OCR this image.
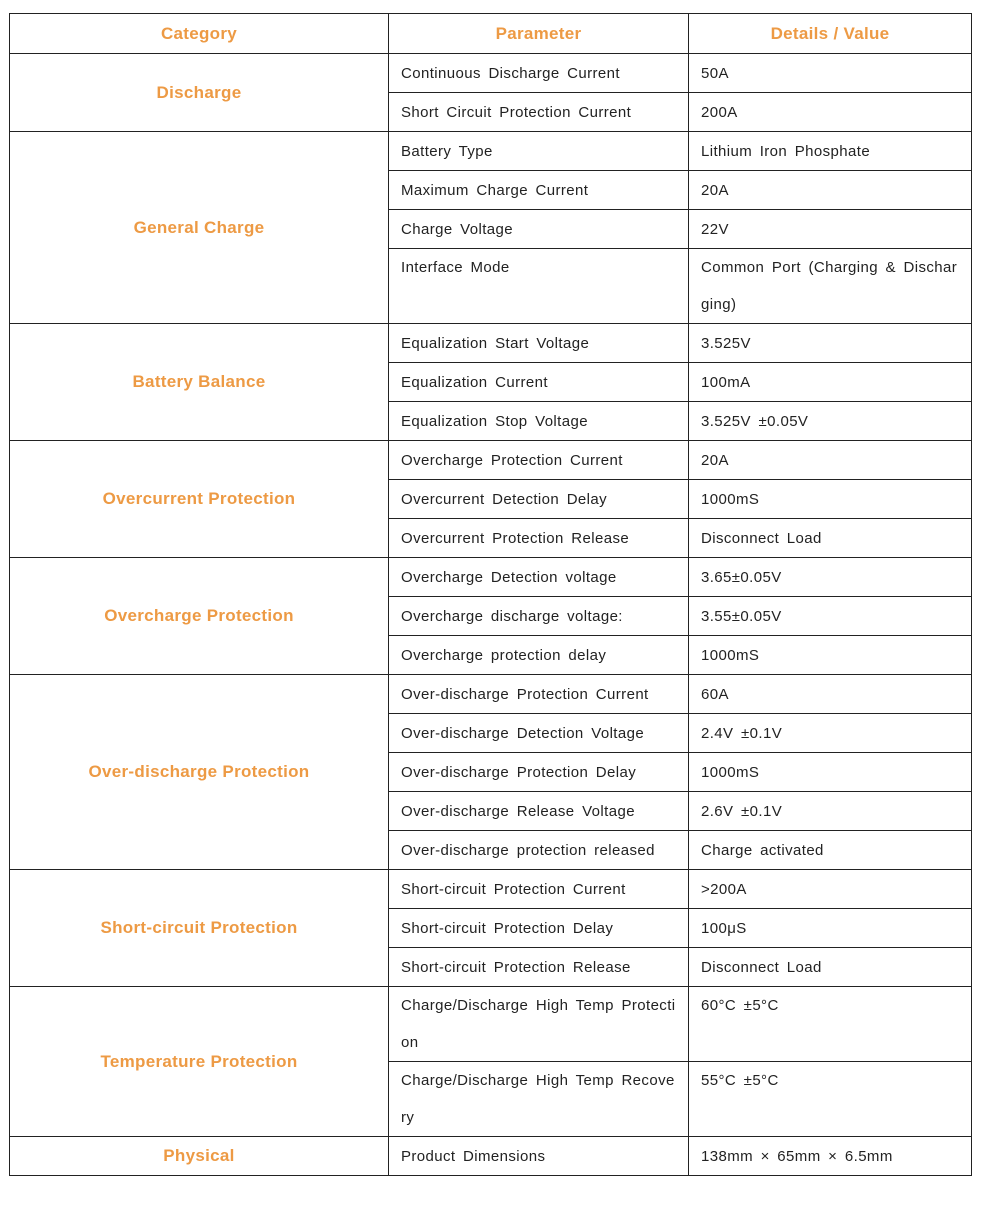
Category	Parameter	Details / Value
Discharge	Continuous Discharge Current	50A
	Short Circuit Protection Current	200A
General Charge	Battery Type	Lithium Iron Phosphate
	Maximum Charge Current	20A
	Charge Voltage	22V
	Interface Mode	Common Port (Charging & Discharging)
Battery Balance	Equalization Start Voltage	3.525V
	Equalization Current	100mA
	Equalization Stop Voltage	3.525V ±0.05V
Overcurrent Protection	Overcharge Protection Current	20A
	Overcurrent Detection Delay	1000mS
	Overcurrent Protection Release	Disconnect Load
Overcharge Protection	Overcharge Detection voltage	3.65±0.05V
	Overcharge discharge voltage:	3.55±0.05V
	Overcharge protection delay	1000mS
Over-discharge Protection	Over-discharge Protection Current	60A
	Over-discharge Detection Voltage	2.4V ±0.1V
	Over-discharge Protection Delay	1000mS
	Over-discharge Release Voltage	2.6V ±0.1V
	Over-discharge protection released	Charge activated
Short-circuit Protection	Short-circuit Protection Current	>200A
	Short-circuit Protection Delay	100μS
	Short-circuit Protection Release	Disconnect Load
Temperature Protection	Charge/Discharge High Temp Protection	60°C ±5°C
	Charge/Discharge High Temp Recovery	55°C ±5°C
Physical	Product Dimensions	138mm × 65mm × 6.5mm
